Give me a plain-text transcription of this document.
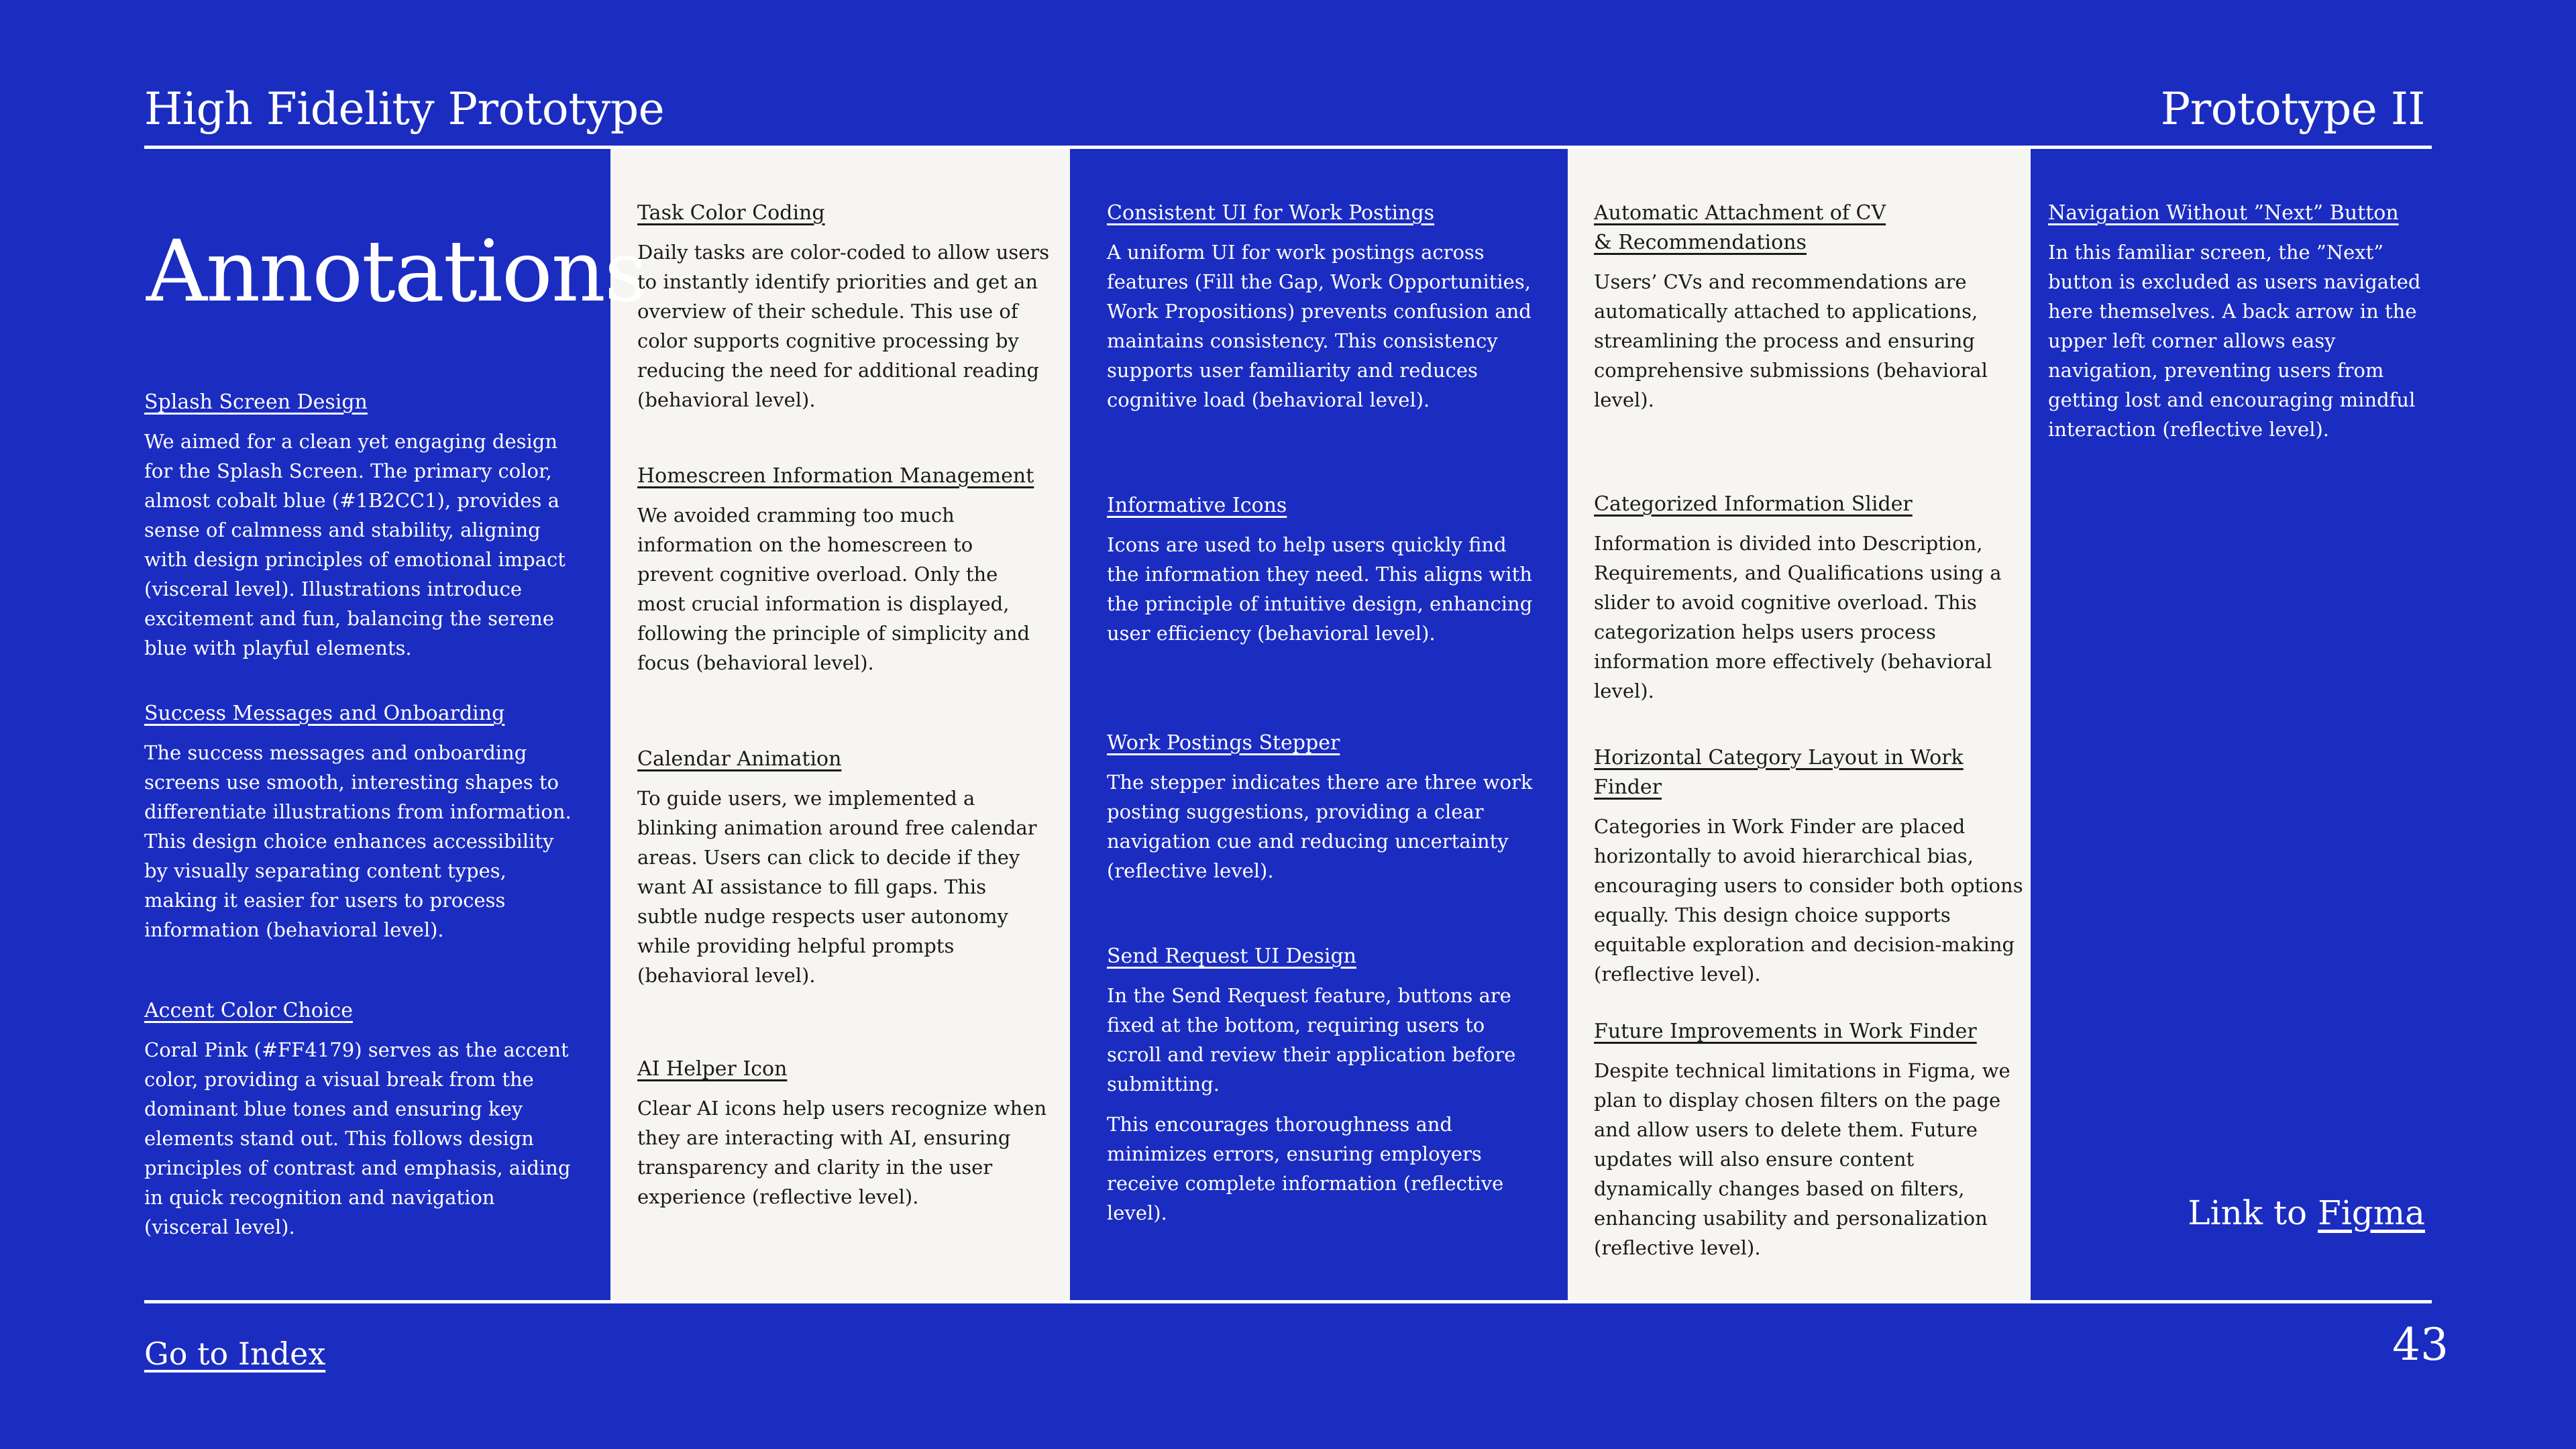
High Fidelity Prototype	Prototype II
Annotations
Splash Screen Design

We aimed for a clean yet engaging design for the Splash Screen. The primary color, almost cobalt blue (#1B2CC1), provides a sense of calmness and stability, aligning with design principles of emotional impact (visceral level). Illustrations introduce excitement and fun, balancing the serene blue with playful elements.

Success Messages and Onboarding

The success messages and onboarding screens use smooth, interesting shapes to differentiate illustrations from information. This design choice enhances accessibility by visually separating content types, making it easier for users to process information (behavioral level).

Accent Color Choice

Coral Pink (#FF4179) serves as the accent color, providing a visual break from the dominant blue tones and ensuring key elements stand out. This follows design principles of contrast and emphasis, aiding in quick recognition and navigation (visceral level).

Task Color Coding

Daily tasks are color-coded to allow users to instantly identify priorities and get an overview of their schedule. This use of color supports cognitive processing by reducing the need for additional reading (behavioral level).

Homescreen Information Management

We avoided cramming too much information on the homescreen to prevent cognitive overload. Only the most crucial information is displayed, following the principle of simplicity and focus (behavioral level).

Calendar Animation

To guide users, we implemented a blinking animation around free calendar areas. Users can click to decide if they want AI assistance to fill gaps. This subtle nudge respects user autonomy while providing helpful prompts (behavioral level).

AI Helper Icon

Clear AI icons help users recognize when they are interacting with AI, ensuring transparency and clarity in the user experience (reflective level).

Consistent UI for Work Postings

A uniform UI for work postings across features (Fill the Gap, Work Opportunities, Work Propositions) prevents confusion and maintains consistency. This consistency supports user familiarity and reduces cognitive load (behavioral level).

Informative Icons

Icons are used to help users quickly find the information they need. This aligns with the principle of intuitive design, enhancing user efficiency (behavioral level).

Work Postings Stepper

The stepper indicates there are three work posting suggestions, providing a clear navigation cue and reducing uncertainty (reflective level).

Send Request UI Design

In the Send Request feature, buttons are fixed at the bottom, requiring users to scroll and review their application before submitting.

This encourages thoroughness and minimizes errors, ensuring employers receive complete information (reflective level).

Automatic Attachment of CV & Recommendations

Users’ CVs and recommendations are automatically attached to applications, streamlining the process and ensuring comprehensive submissions (behavioral level).

Categorized Information Slider

Information is divided into Description, Requirements, and Qualifications using a slider to avoid cognitive overload. This categorization helps users process information more effectively (behavioral level).

Horizontal Category Layout in Work Finder

Categories in Work Finder are placed horizontally to avoid hierarchical bias, encouraging users to consider both options equally. This design choice supports equitable exploration and decision-making (reflective level).

Future Improvements in Work Finder

Despite technical limitations in Figma, we plan to display chosen filters on the page and allow users to delete them. Future updates will also ensure content dynamically changes based on filters, enhancing usability and personalization (reflective level).

Navigation Without ”Next” Button

In this familiar screen, the ”Next” button is excluded as users navigated here themselves. A back arrow in the upper left corner allows easy navigation, preventing users from getting lost and encouraging mindful interaction (reflective level).

Link to Figma
Go to Index	43
